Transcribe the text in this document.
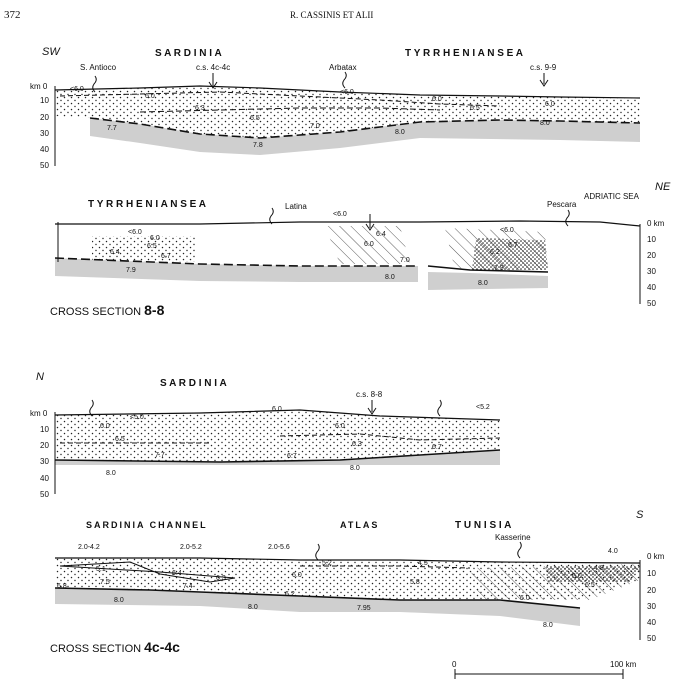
372	R. CASSINIS ET ALII
SW	S A R D I N I A	T Y R R H E N I A N S E A
S. Antioco	c.s. 4c-4c	Arbatax	c.s. 9-9
km 0
10
20
30
40
50
<6.0
6.0
6.3
6.5
7.0
7.7
7.8
8.0
<6.0
6.0
6.5
6.0
8.0
NE
T Y R R H E N I A N S E A
ADRIATIC SEA
Latina	Pescara
0 km
10
20
30
40
50
<6.0
6.0
6.5
6.4
6.7
7.9
<6.0
6.4
6.0
7.0
8.0
<6.0
6.7
6.2
7.9
8.0
CROSS SECTION 8-8
N
S A R D I N I A
c.s. 8-8
km 0
10
20
30
40
50
<5.0
6.0
6.5
7.7
8.0
6.0
6.0
6.3
6.7
8.0
6.7
<5.2
S
SARDINIA CHANNEL	ATLAS	T U N I S I A
2.0-4.2	2.0-5.2	2.0-5.6
Kasserine
0 km
10
20
30
40
50
5.1
6.8
7.5
8.0
6.4
7.4
6.3	6.0
6.2
8.0
5.2	4.5
5.8
7.95
4.0
4.8
6.0
6.0
6.5
8.0
CROSS SECTION 4c-4c
0	100 km
